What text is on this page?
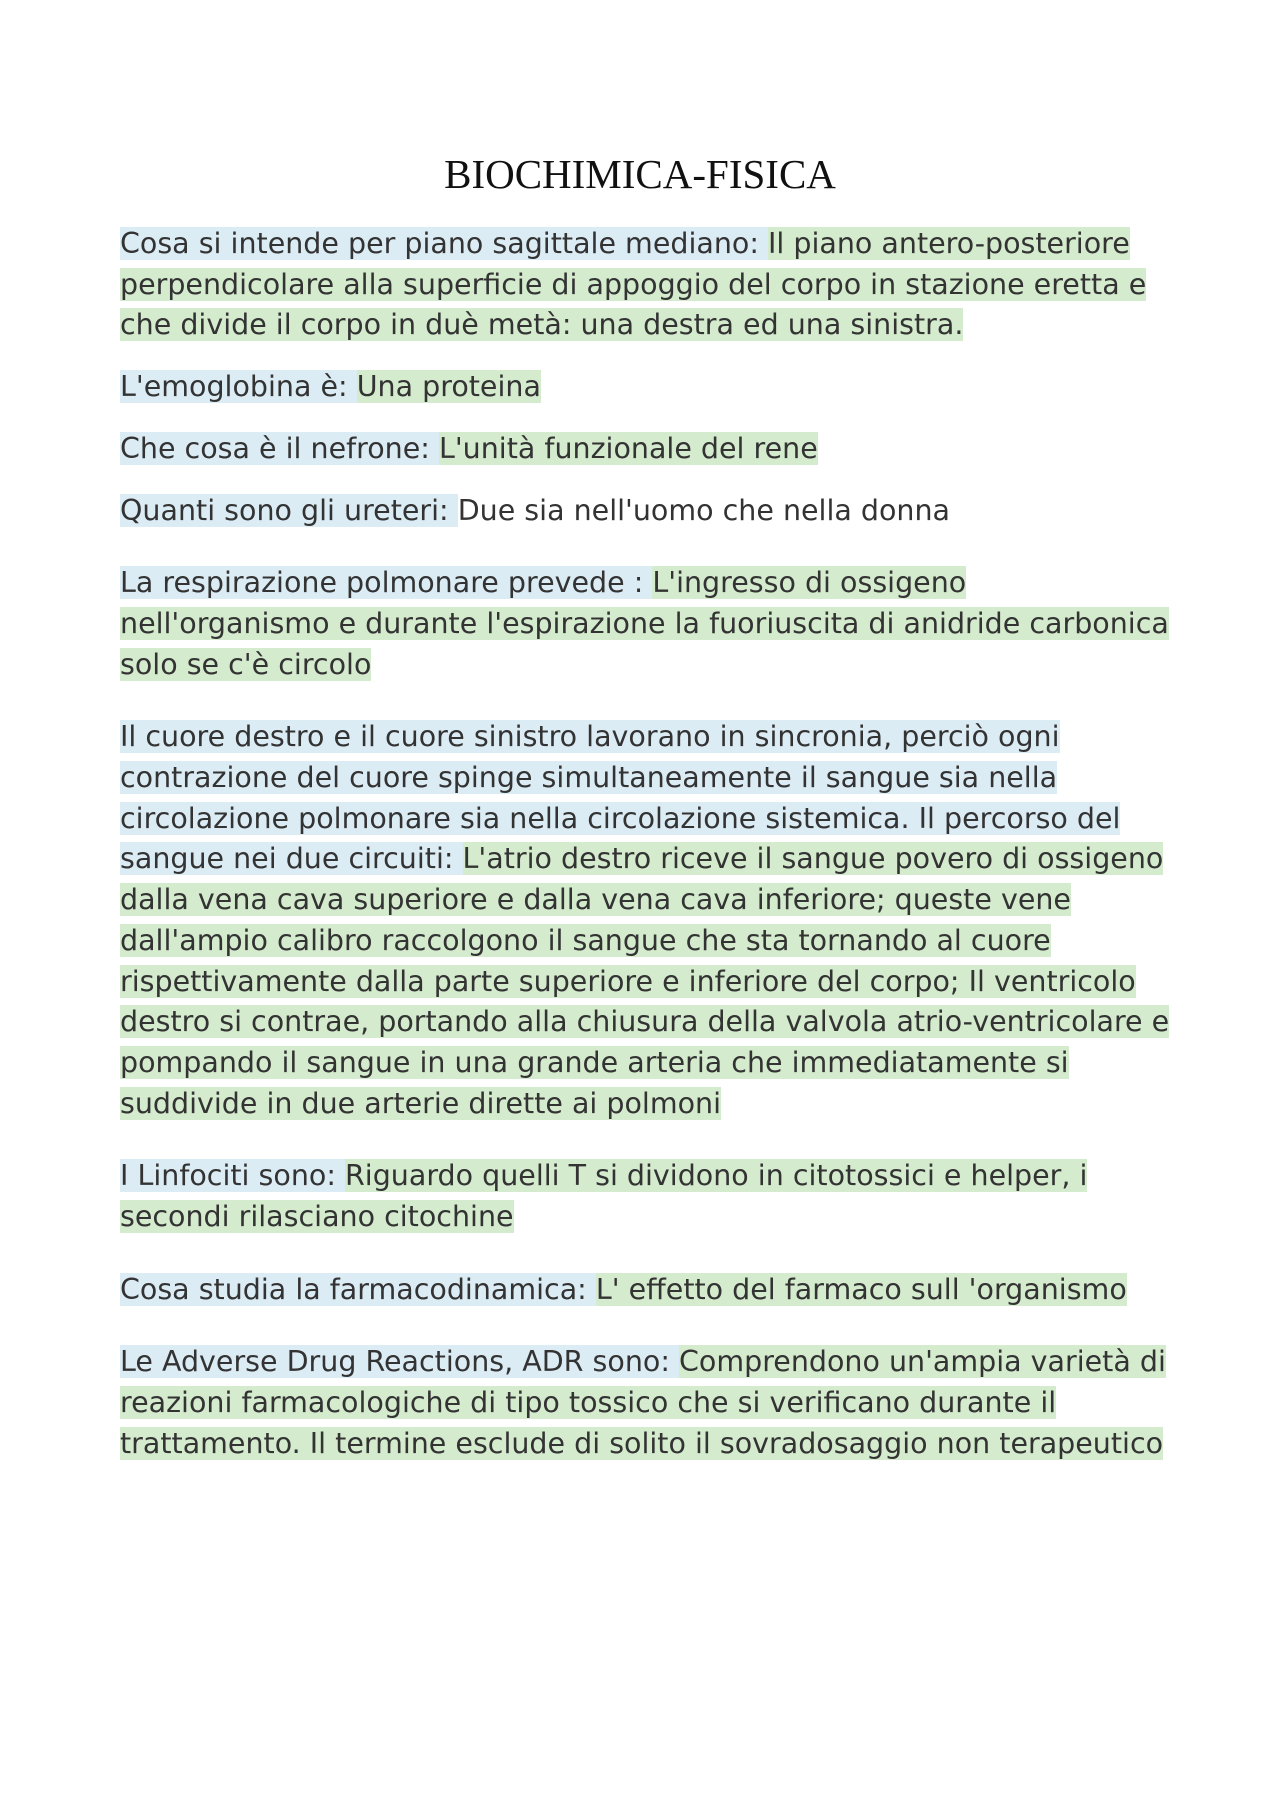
BIOCHIMICA-FISICA

Cosa si intende per piano sagittale mediano: Il piano antero-posteriore perpendicolare alla superficie di appoggio del corpo in stazione eretta e che divide il corpo in duè metà: una destra ed una sinistra.

L'emoglobina è: Una proteina

Che cosa è il nefrone: L'unità funzionale del rene

Quanti sono gli ureteri: Due sia nell'uomo che nella donna

La respirazione polmonare prevede : L'ingresso di ossigeno nell'organismo e durante l'espirazione la fuoriuscita di anidride carbonica solo se c'è circolo

Il cuore destro e il cuore sinistro lavorano in sincronia, perciò ogni contrazione del cuore spinge simultaneamente il sangue sia nella circolazione polmonare sia nella circolazione sistemica. Il percorso del sangue nei due circuiti: L'atrio destro riceve il sangue povero di ossigeno dalla vena cava superiore e dalla vena cava inferiore; queste vene dall'ampio calibro raccolgono il sangue che sta tornando al cuore rispettivamente dalla parte superiore e inferiore del corpo; Il ventricolo destro si contrae, portando alla chiusura della valvola atrio-ventricolare e pompando il sangue in una grande arteria che immediatamente si suddivide in due arterie dirette ai polmoni

I Linfociti sono: Riguardo quelli T si dividono in citotossici e helper, i secondi rilasciano citochine

Cosa studia la farmacodinamica: L' effetto del farmaco sull 'organismo

Le Adverse Drug Reactions, ADR sono: Comprendono un'ampia varietà di reazioni farmacologiche di tipo tossico che si verificano durante il trattamento. Il termine esclude di solito il sovradosaggio non terapeutico
